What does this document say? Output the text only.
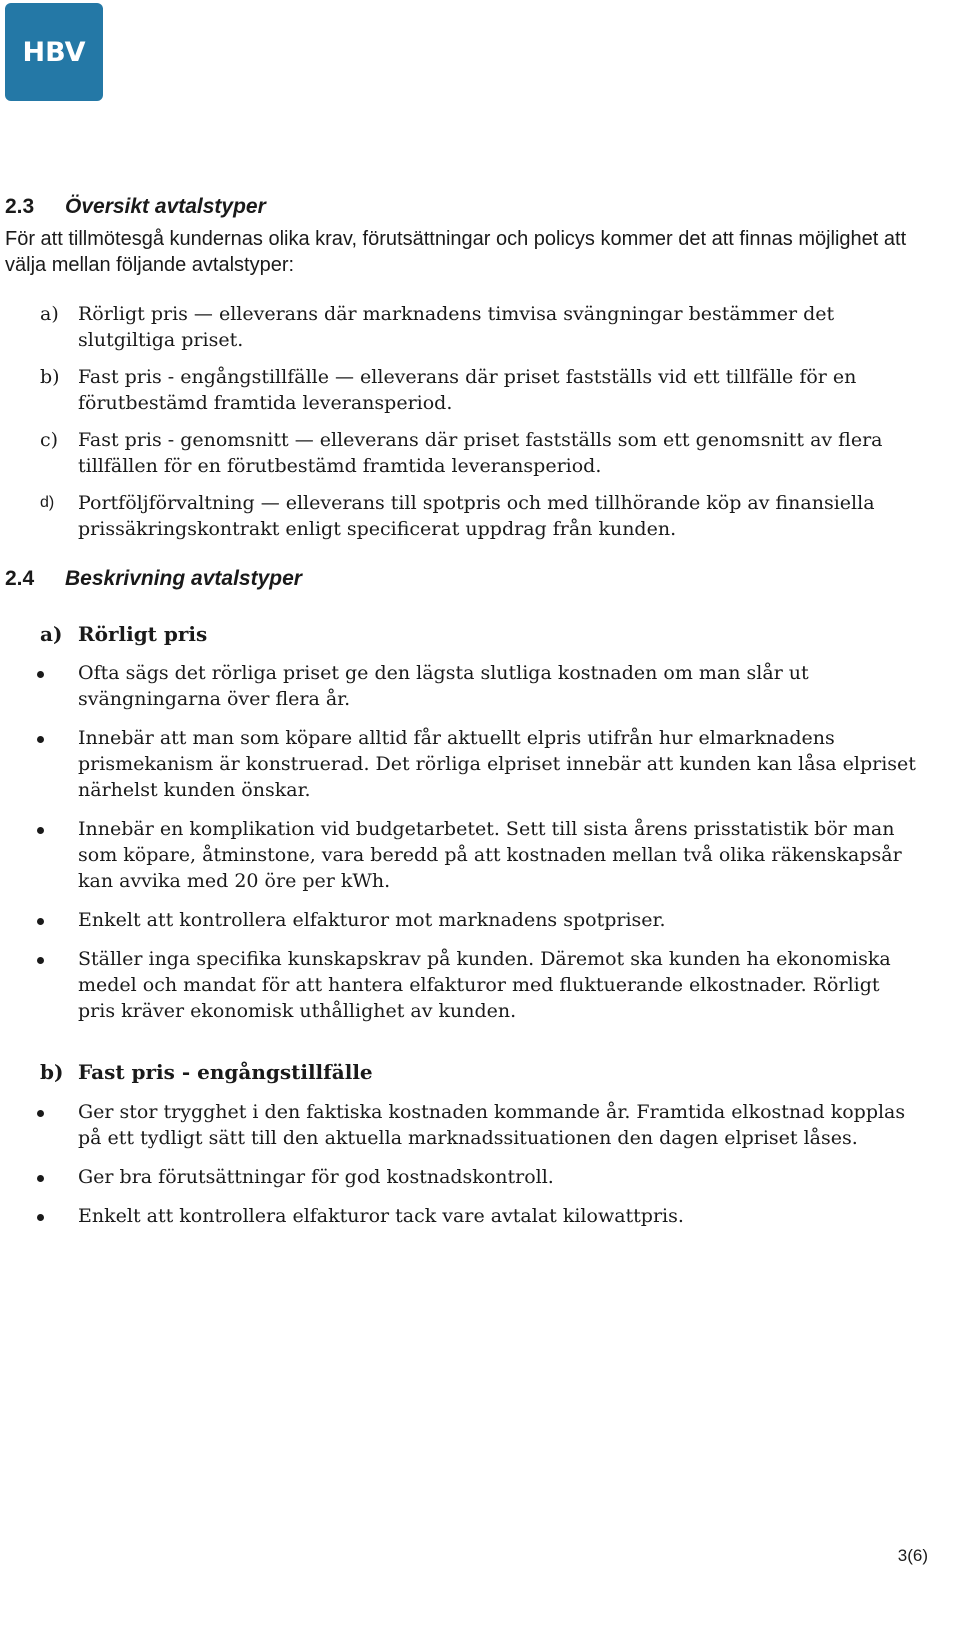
HBV
2.3 Översikt avtalstyper
För att tillmötesgå kundernas olika krav, förutsättningar och policys kommer det att finnas möjlighet att välja mellan följande avtalstyper:
a) Rörligt pris — elleverans där marknadens timvisa svängningar bestämmer det slutgiltiga priset.
b) Fast pris - engångstillfälle — elleverans där priset fastställs vid ett tillfälle för en förutbestämd framtida leveransperiod.
c) Fast pris - genomsnitt — elleverans där priset fastställs som ett genomsnitt av flera tillfällen för en förutbestämd framtida leveransperiod.
d) Portföljförvaltning — elleverans till spotpris och med tillhörande köp av finansiella prissäkringskontrakt enligt specificerat uppdrag från kunden.
2.4 Beskrivning avtalstyper
a) Rörligt pris
Ofta sägs det rörliga priset ge den lägsta slutliga kostnaden om man slår ut svängningarna över flera år.
Innebär att man som köpare alltid får aktuellt elpris utifrån hur elmarknadens prismekanism är konstruerad. Det rörliga elpriset innebär att kunden kan låsa elpriset närhelst kunden önskar.
Innebär en komplikation vid budgetarbetet. Sett till sista årens prisstatistik bör man som köpare, åtminstone, vara beredd på att kostnaden mellan två olika räkenskapsår kan avvika med 20 öre per kWh.
Enkelt att kontrollera elfakturor mot marknadens spotpriser.
Ställer inga specifika kunskapskrav på kunden. Däremot ska kunden ha ekonomiska medel och mandat för att hantera elfakturor med fluktuerande elkostnader. Rörligt pris kräver ekonomisk uthållighet av kunden.
b) Fast pris - engångstillfälle
Ger stor trygghet i den faktiska kostnaden kommande år. Framtida elkostnad kopplas på ett tydligt sätt till den aktuella marknadssituationen den dagen elpriset låses.
Ger bra förutsättningar för god kostnadskontroll.
Enkelt att kontrollera elfakturor tack vare avtalat kilowattpris.
3(6)
